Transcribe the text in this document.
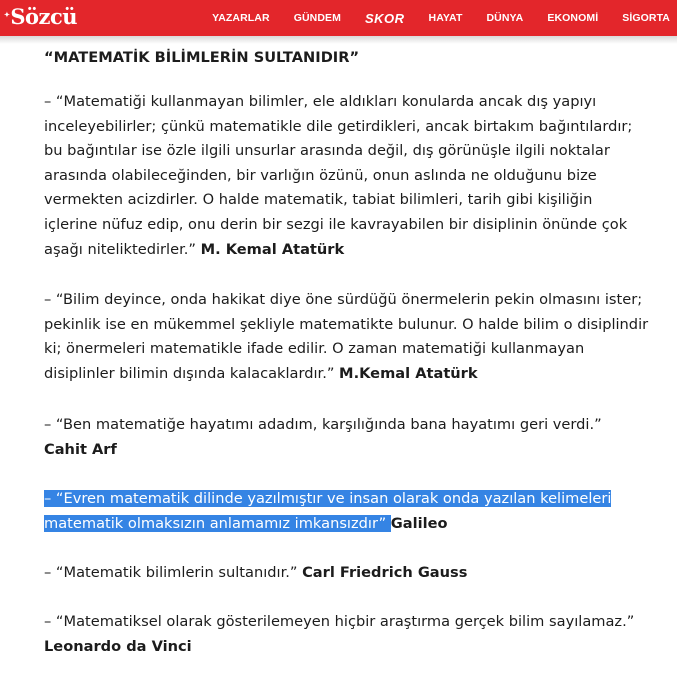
✦ Sözcü	YAZARLAR GÜNDEM SKOR HAYAT DÜNYA EKONOMİ SİGORTA
“MATEMATİK BİLİMLERİN SULTANIDIR”

– “Matematiği kullanmayan bilimler, ele aldıkları konularda ancak dış yapıyı inceleyebilirler; çünkü matematikle dile getirdikleri, ancak birtakım bağıntılardır; bu bağıntılar ise özle ilgili unsurlar arasında değil, dış görünüşle ilgili noktalar arasında olabileceğinden, bir varlığın özünü, onun aslında ne olduğunu bize vermekten acizdirler. O halde matematik, tabiat bilimleri, tarih gibi kişiliğin içlerine nüfuz edip, onu derin bir sezgi ile kavrayabilen bir disiplinin önünde çok aşağı niteliktedirler.” M. Kemal Atatürk

– “Bilim deyince, onda hakikat diye öne sürdüğü önermelerin pekin olmasını ister; pekinlik ise en mükemmel şekliyle matematikte bulunur. O halde bilim o disiplindir ki; önermeleri matematikle ifade edilir. O zaman matematiği kullanmayan disiplinler bilimin dışında kalacaklardır.” M.Kemal Atatürk

– “Ben matematiğe hayatımı adadım, karşılığında bana hayatımı geri verdi.” Cahit Arf

– “Evren matematik dilinde yazılmıştır ve insan olarak onda yazılan kelimeleri matematik olmaksızın anlamamız imkansızdır” Galileo

– “Matematik bilimlerin sultanıdır.” Carl Friedrich Gauss

– “Matematiksel olarak gösterilemeyen hiçbir araştırma gerçek bilim sayılamaz.” Leonardo da Vinci
